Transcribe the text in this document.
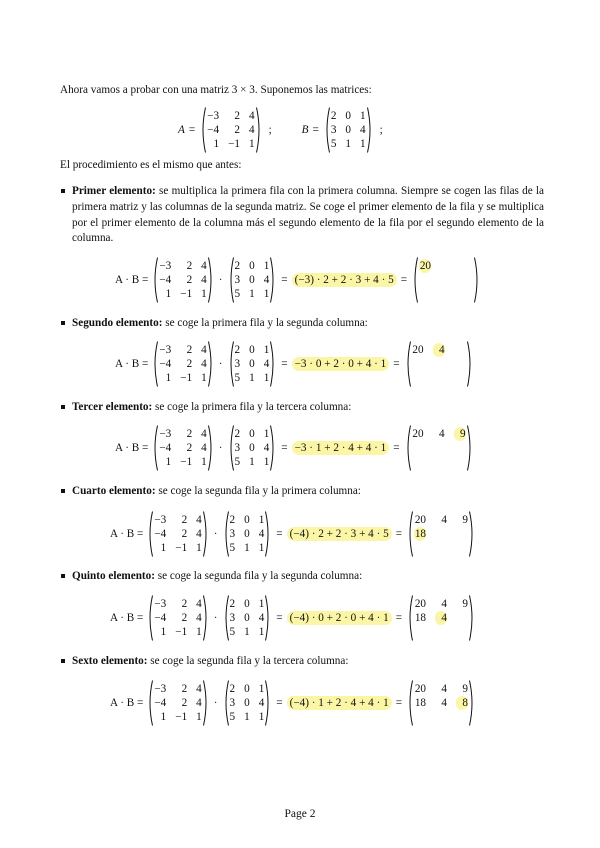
Ahora vamos a probar con una matriz 3 × 3. Suponemos las matrices:
A =
−3	2 4
−4	2 4
1 −1 1
;	B =
2 0 1
3 0 4
5 1 1
;
El procedimiento es el mismo que antes:
Primer elemento: se multiplica la primera fila con la primera columna. Siempre se cogen las filas de la primera matriz y las columnas de la segunda matriz. Se coge el primer elemento de la fila y se multiplica por el primer elemento de la columna más el segundo elemento de la fila por el segundo elemento de la columna.
A · B =
−3	2 4
−4	2 4
1 −1 1
·
2 0 1
3 0 4
5 1 1
= (−3) · 2 + 2 · 3 + 4 · 5 =
20
Segundo elemento: se coge la primera fila y la segunda columna:
A · B =
−3	2 4
−4	2 4
1 −1 1
·
2 0 1
3 0 4
5 1 1
= −3 · 0 + 2 · 0 + 4 · 1 =
20	4
Tercer elemento: se coge la primera fila y la tercera columna:
A · B =
−3	2 4
−4	2 4
1 −1 1
·
2 0 1
3 0 4
5 1 1
= −3 · 1 + 2 · 4 + 4 · 1 =
20	4	9
Cuarto elemento: se coge la segunda fila y la primera columna:
A · B =
−3	2 4
−4	2 4
1 −1 1
·
2 0 1
3 0 4
5 1 1
= (−4) · 2 + 2 · 3 + 4 · 5 =
20	4	9
18
Quinto elemento: se coge la segunda fila y la segunda columna:
A · B =
−3	2 4
−4	2 4
1 −1 1
·
2 0 1
3 0 4
5 1 1
= (−4) · 0 + 2 · 0 + 4 · 1 =
20	4	9
18	4
Sexto elemento: se coge la segunda fila y la tercera columna:
A · B =
−3	2 4
−4	2 4
1 −1 1
·
2 0 1
3 0 4
5 1 1
= (−4) · 1 + 2 · 4 + 4 · 1 =
20	4	9
18	4	8
Page 2
